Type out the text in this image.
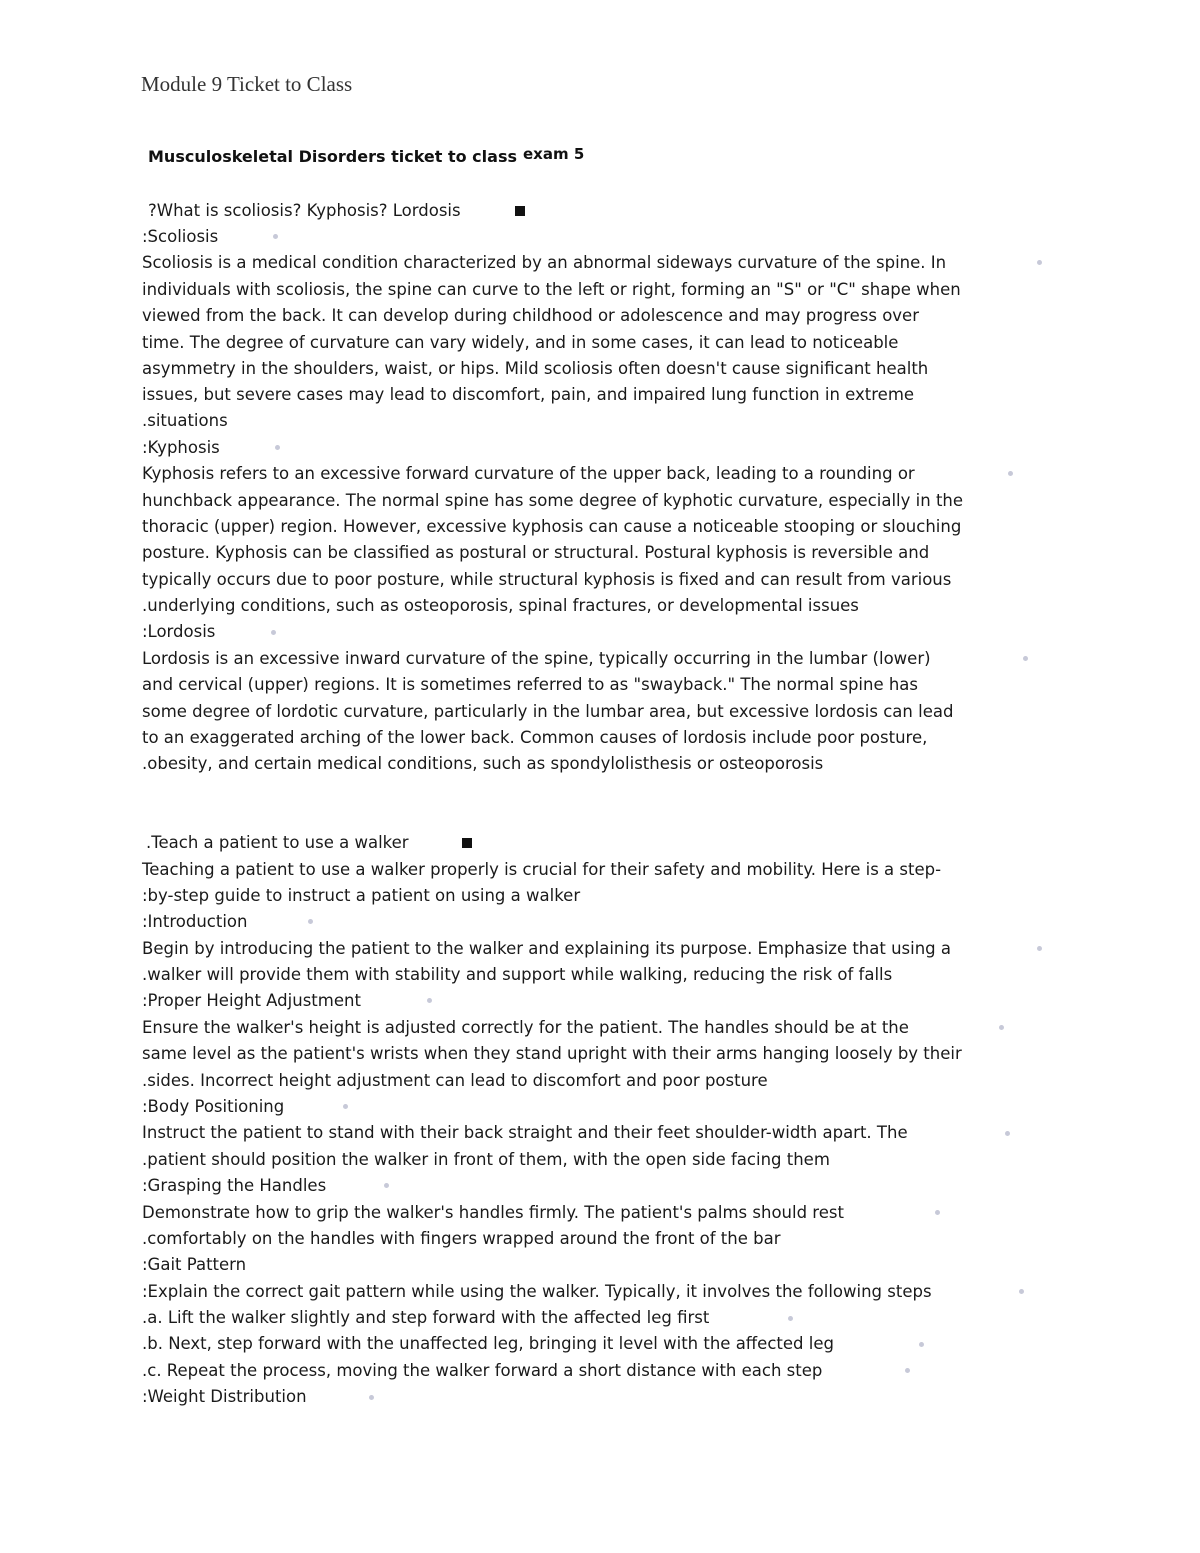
Module 9 Ticket to Class
Musculoskeletal Disorders ticket to class exam 5
?What is scoliosis? Kyphosis? Lordosis
:Scoliosis
Scoliosis is a medical condition characterized by an abnormal sideways curvature of the spine. In
individuals with scoliosis, the spine can curve to the left or right, forming an "S" or "C" shape when
viewed from the back. It can develop during childhood or adolescence and may progress over
time. The degree of curvature can vary widely, and in some cases, it can lead to noticeable
asymmetry in the shoulders, waist, or hips. Mild scoliosis often doesn't cause significant health
issues, but severe cases may lead to discomfort, pain, and impaired lung function in extreme
.situations
:Kyphosis
Kyphosis refers to an excessive forward curvature of the upper back, leading to a rounding or
hunchback appearance. The normal spine has some degree of kyphotic curvature, especially in the
thoracic (upper) region. However, excessive kyphosis can cause a noticeable stooping or slouching
posture. Kyphosis can be classified as postural or structural. Postural kyphosis is reversible and
typically occurs due to poor posture, while structural kyphosis is fixed and can result from various
.underlying conditions, such as osteoporosis, spinal fractures, or developmental issues
:Lordosis
Lordosis is an excessive inward curvature of the spine, typically occurring in the lumbar (lower)
and cervical (upper) regions. It is sometimes referred to as "swayback." The normal spine has
some degree of lordotic curvature, particularly in the lumbar area, but excessive lordosis can lead
to an exaggerated arching of the lower back. Common causes of lordosis include poor posture,
.obesity, and certain medical conditions, such as spondylolisthesis or osteoporosis
.Teach a patient to use a walker
Teaching a patient to use a walker properly is crucial for their safety and mobility. Here is a step-
:by-step guide to instruct a patient on using a walker
:Introduction
Begin by introducing the patient to the walker and explaining its purpose. Emphasize that using a
.walker will provide them with stability and support while walking, reducing the risk of falls
:Proper Height Adjustment
Ensure the walker's height is adjusted correctly for the patient. The handles should be at the
same level as the patient's wrists when they stand upright with their arms hanging loosely by their
.sides. Incorrect height adjustment can lead to discomfort and poor posture
:Body Positioning
Instruct the patient to stand with their back straight and their feet shoulder-width apart. The
.patient should position the walker in front of them, with the open side facing them
:Grasping the Handles
Demonstrate how to grip the walker's handles firmly. The patient's palms should rest
.comfortably on the handles with fingers wrapped around the front of the bar
:Gait Pattern
:Explain the correct gait pattern while using the walker. Typically, it involves the following steps
.a. Lift the walker slightly and step forward with the affected leg first
.b. Next, step forward with the unaffected leg, bringing it level with the affected leg
.c. Repeat the process, moving the walker forward a short distance with each step
:Weight Distribution
